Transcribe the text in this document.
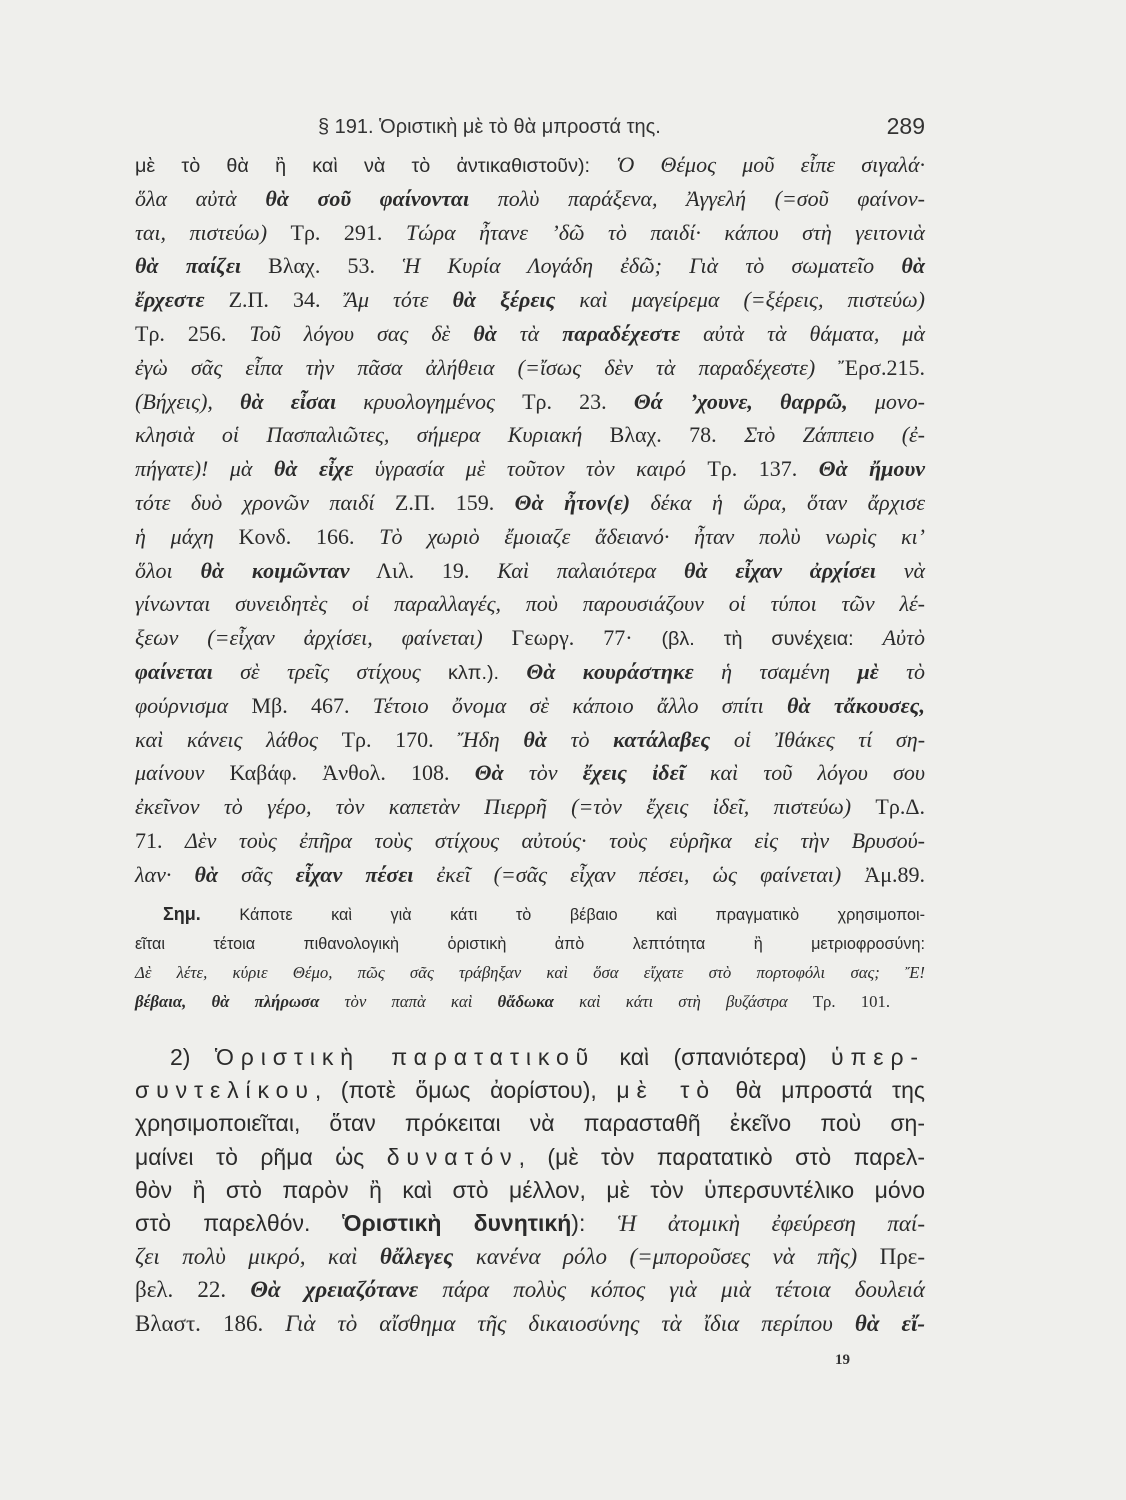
§ 191. Ὁριστικὴ μὲ τὸ θὰ μπροστά της.	289
μὲ τὸ θὰ ἢ καὶ νὰ τὸ ἀντικαθιστοῦν): Ὁ Θέμος μοῦ εἶπε σιγαλά·
ὅλα αὐτὰ θὰ σοῦ φαίνονται πολὺ παράξενα, Ἀγγελή (=σοῦ φαίνον-
ται, πιστεύω) Τρ. 291. Τώρα ἦτανε ’δῶ τὸ παιδί· κάπου στὴ γειτονιὰ
θὰ παίζει Βλαχ. 53. Ἡ Κυρία Λογάδη ἐδῶ; Γιὰ τὸ σωματεῖο θὰ
ἔρχεστε Ζ.Π. 34. Ἄμ τότε θὰ ξέρεις καὶ μαγείρεμα (=ξέρεις, πιστεύω)
Τρ. 256. Τοῦ λόγου σας δὲ θὰ τὰ παραδέχεστε αὐτὰ τὰ θάματα, μὰ
ἐγὼ σᾶς εἶπα τὴν πᾶσα ἀλήθεια (=ἴσως δὲν τὰ παραδέχεστε) Ἔρσ.215.
(Βήχεις), θὰ εἶσαι κρυολογημένος Τρ. 23. Θά ’χουνε, θαρρῶ, μονο-
κλησιὰ οἱ Πασπαλιῶτες, σήμερα Κυριακή Βλαχ. 78. Στὸ Ζάππειο (ἐ-
πήγατε)! μὰ θὰ εἶχε ὑγρασία μὲ τοῦτον τὸν καιρό Τρ. 137. Θὰ ἤμουν
τότε δυὸ χρονῶν παιδί Ζ.Π. 159. Θὰ ἦτον(ε) δέκα ἡ ὥρα, ὅταν ἄρχισε
ἡ μάχη Κονδ. 166. Τὸ χωριὸ ἔμοιαζε ἄδειανό· ἦταν πολὺ νωρὶς κι’
ὅλοι θὰ κοιμῶνταν Λιλ. 19. Καὶ παλαιότερα θὰ εἶχαν ἀρχίσει νὰ
γίνωνται συνειδητὲς οἱ παραλλαγές, ποὺ παρουσιάζουν οἱ τύποι τῶν λέ-
ξεων (=εἶχαν ἀρχίσει, φαίνεται) Γεωργ. 77· (βλ. τὴ συνέχεια: Αὐτὸ
φαίνεται σὲ τρεῖς στίχους κλπ.). Θὰ κουράστηκε ἡ τσαμένη μὲ τὸ
φούρνισμα Μβ. 467. Τέτοιο ὄνομα σὲ κάποιο ἄλλο σπίτι θὰ τἄκουσες,
καὶ κάνεις λάθος Τρ. 170. Ἤδη θὰ τὸ κατάλαβες οἱ Ἰθάκες τί ση-
μαίνουν Καβάφ. Ἀνθολ. 108. Θὰ τὸν ἔχεις ἰδεῖ καὶ τοῦ λόγου σου
ἐκεῖνον τὸ γέρο, τὸν καπετὰν Πιερρῆ (=τὸν ἔχεις ἰδεῖ, πιστεύω) Τρ.Δ.
71. Δὲν τοὺς ἐπῆρα τοὺς στίχους αὐτούς· τοὺς εὑρῆκα εἰς τὴν Βρυσού-
λαν· θὰ σᾶς εἶχαν πέσει ἐκεῖ (=σᾶς εἶχαν πέσει, ὡς φαίνεται) Ἀμ.89.
Σημ. Κάποτε καὶ γιὰ κάτι τὸ βέβαιο καὶ πραγματικὸ χρησιμοποι-
εῖται τέτοια πιθανολογικὴ ὁριστικὴ ἀπὸ λεπτότητα ἢ μετριοφροσύνη:
Δὲ λέτε, κύριε Θέμο, πῶς σᾶς τράβηξαν καὶ ὅσα εἴχατε στὸ πορτοφόλι σας; Ἔ!
βέβαια, θὰ πλήρωσα τὸν παπὰ καὶ θἄδωκα καὶ κάτι στὴ βυζάστρα Τρ. 101.
2) Ὁριστικὴ παρατατικοῦ καὶ (σπανιότερα) ὑπερ-
συντελίκου, (ποτὲ ὅμως ἀορίστου), μὲ τὸ θὰ μπροστά της
χρησιμοποιεῖται, ὅταν πρόκειται νὰ παρασταθῆ ἐκεῖνο ποὺ ση-
μαίνει τὸ ρῆμα ὡς δυνατόν, (μὲ τὸν παρατατικὸ στὸ παρελ-
θὸν ἢ στὸ παρὸν ἢ καὶ στὸ μέλλον, μὲ τὸν ὑπερσυντέλικο μόνο
στὸ παρελθόν. Ὁριστικὴ δυνητική): Ἡ ἀτομικὴ ἐφεύρεση παί-
ζει πολὺ μικρό, καὶ θἄλεγες κανένα ρόλο (=μποροῦσες νὰ πῆς) Πρε-
βελ. 22. Θὰ χρειαζότανε πάρα πολὺς κόπος γιὰ μιὰ τέτοια δουλειά
Βλαστ. 186. Γιὰ τὸ αἴσθημα τῆς δικαιοσύνης τὰ ἴδια περίπου θὰ εἴ-
19
